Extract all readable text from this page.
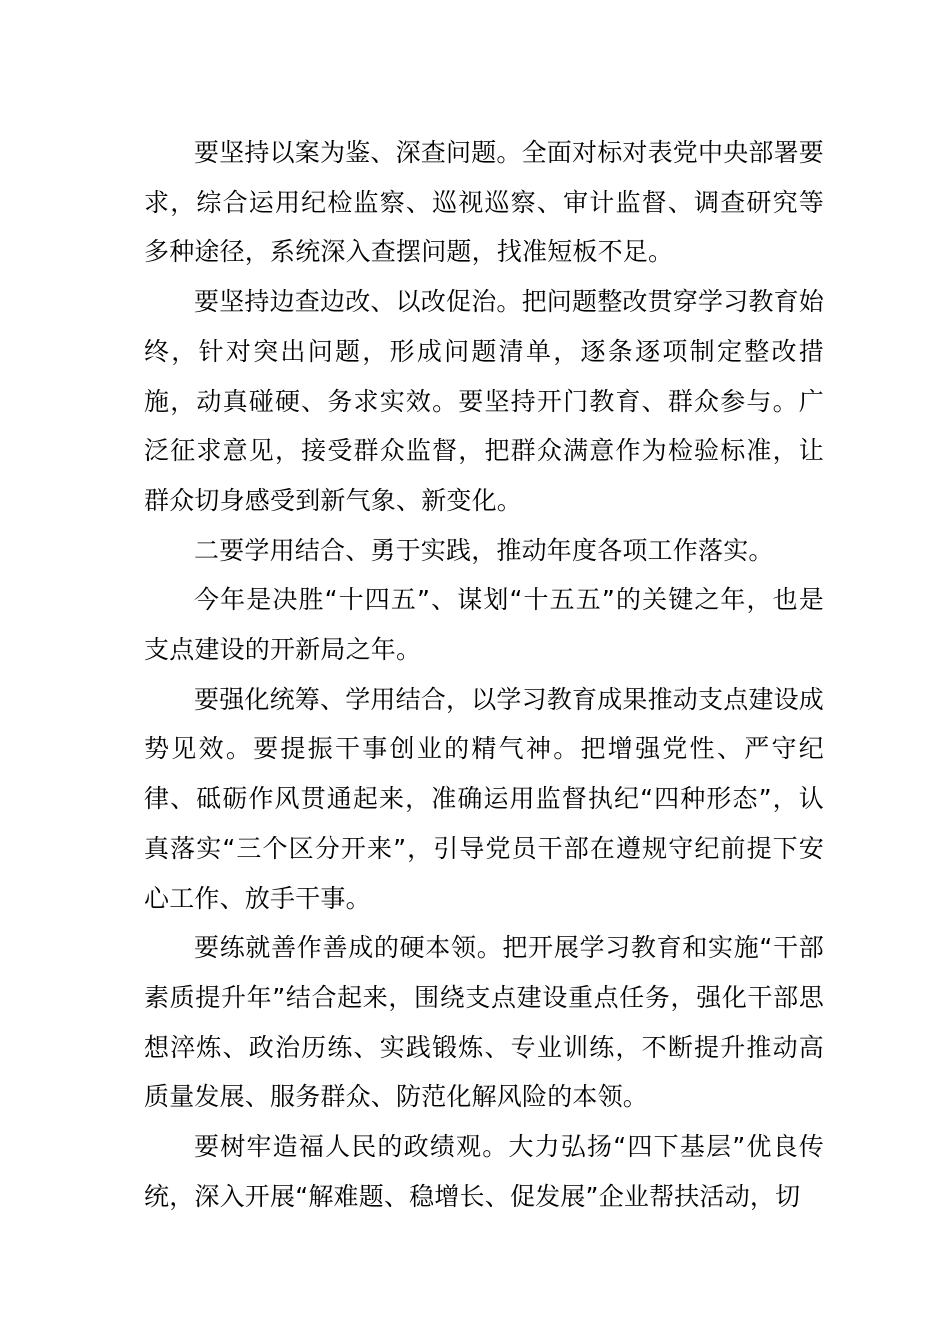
要坚持以案为鉴、深查问题。全面对标对表党中央部署要求，综合运用纪检监察、巡视巡察、审计监督、调查研究等多种途径，系统深入查摆问题，找准短板不足。

要坚持边查边改、以改促治。把问题整改贯穿学习教育始终，针对突出问题，形成问题清单，逐条逐项制定整改措施，动真碰硬、务求实效。要坚持开门教育、群众参与。广泛征求意见，接受群众监督，把群众满意作为检验标准，让群众切身感受到新气象、新变化。

二要学用结合、勇于实践，推动年度各项工作落实。

今年是决胜“十四五”、谋划“十五五”的关键之年，也是支点建设的开新局之年。

要强化统筹、学用结合，以学习教育成果推动支点建设成势见效。要提振干事创业的精气神。把增强党性、严守纪律、砥砺作风贯通起来，准确运用监督执纪“四种形态”，认真落实“三个区分开来”，引导党员干部在遵规守纪前提下安心工作、放手干事。

要练就善作善成的硬本领。把开展学习教育和实施“干部素质提升年”结合起来，围绕支点建设重点任务，强化干部思想淬炼、政治历练、实践锻炼、专业训练，不断提升推动高质量发展、服务群众、防范化解风险的本领。

要树牢造福人民的政绩观。大力弘扬“四下基层”优良传统，深入开展“解难题、稳增长、促发展”企业帮扶活动，切
